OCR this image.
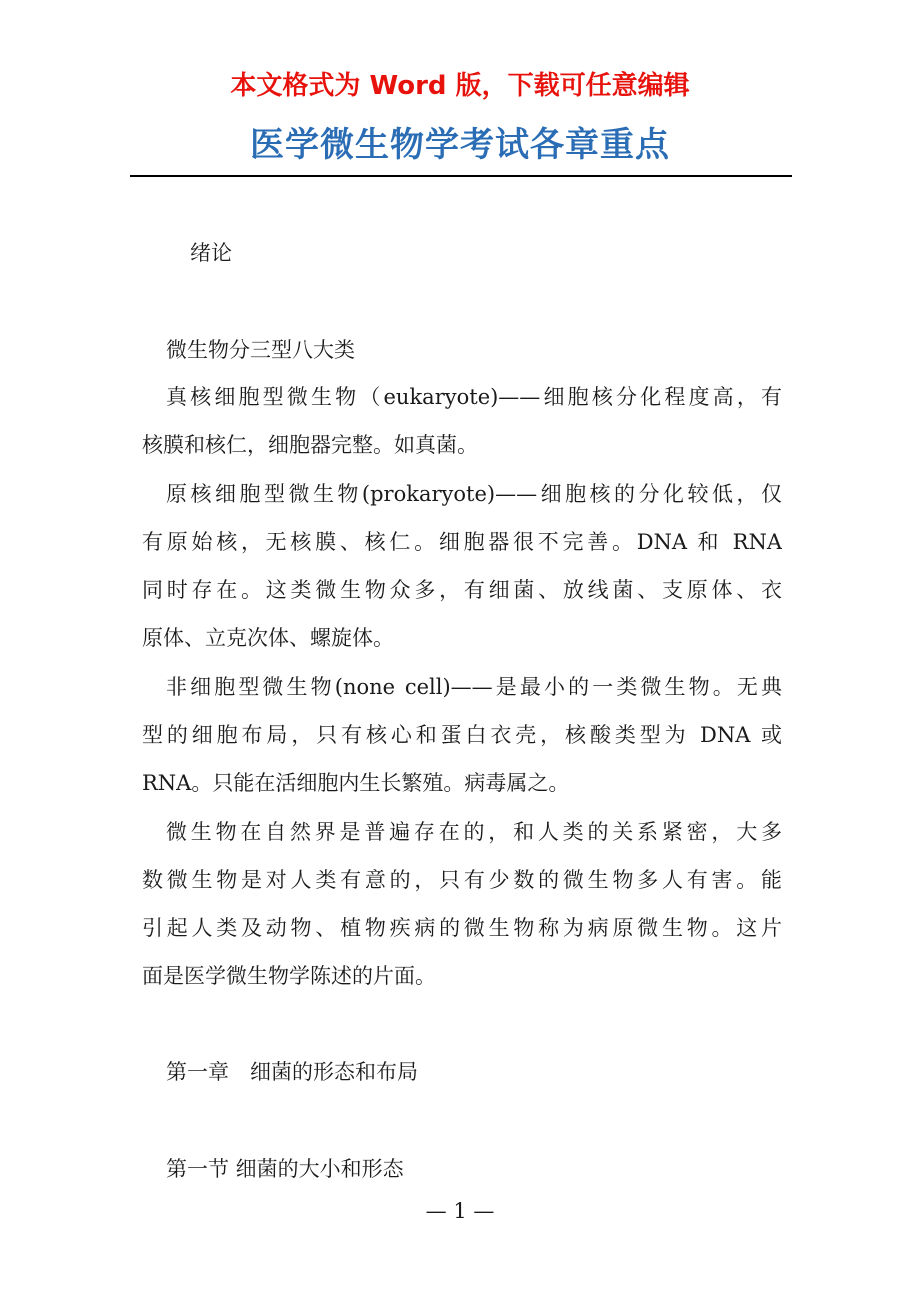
本文格式为 Word 版，下载可任意编辑
医学微生物学考试各章重点
绪论
微生物分三型八大类
真核细胞型微生物（eukaryote)——细胞核分化程度高，有
核膜和核仁，细胞器完整。如真菌。
原核细胞型微生物(prokaryote)——细胞核的分化较低，仅
有原始核，无核膜、核仁。细胞器很不完善。DNA 和 RNA
同时存在。这类微生物众多，有细菌、放线菌、支原体、衣
原体、立克次体、螺旋体。
非细胞型微生物(none cell)——是最小的一类微生物。无典
型的细胞布局，只有核心和蛋白衣壳，核酸类型为 DNA 或
RNA。只能在活细胞内生长繁殖。病毒属之。
微生物在自然界是普遍存在的，和人类的关系紧密，大多
数微生物是对人类有意的，只有少数的微生物多人有害。能
引起人类及动物、植物疾病的微生物称为病原微生物。这片
面是医学微生物学陈述的片面。
第一章　细菌的形态和布局
第一节 细菌的大小和形态
— 1 —
